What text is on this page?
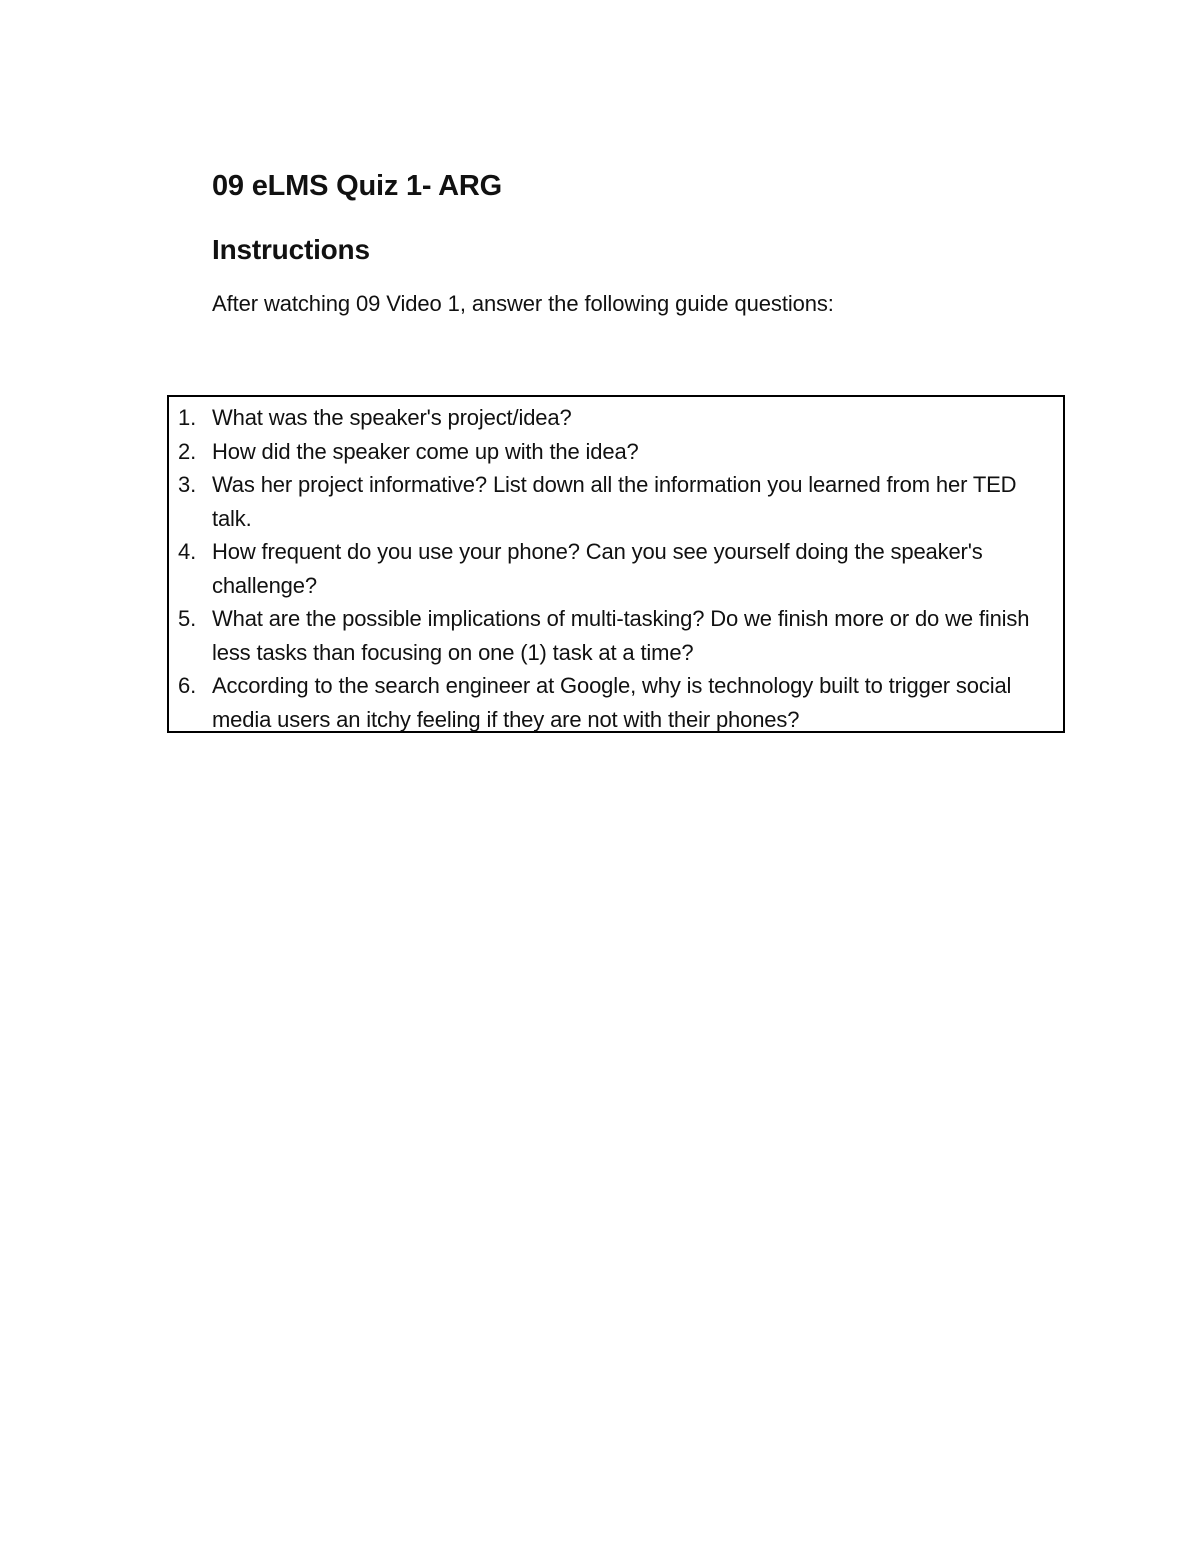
09 eLMS Quiz 1- ARG
Instructions

After watching 09 Video 1, answer the following guide questions:

1. What was the speaker's project/idea?
2. How did the speaker come up with the idea?
3. Was her project informative? List down all the information you learned from her TED talk.
4. How frequent do you use your phone? Can you see yourself doing the speaker's challenge?
5. What are the possible implications of multi-tasking? Do we finish more or do we finish less tasks than focusing on one (1) task at a time?
6. According to the search engineer at Google, why is technology built to trigger social media users an itchy feeling if they are not with their phones?
